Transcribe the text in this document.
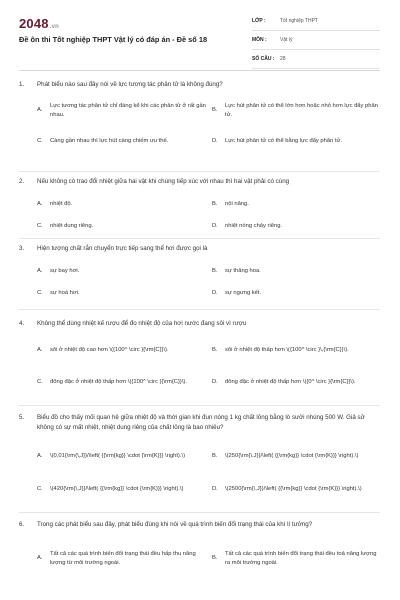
2048.vn
Đề ôn thi Tốt nghiệp THPT Vật lý có đáp án - Đề số 18
LỚP :	Tốt nghiệp THPT
MÔN :	Vật lý
SỐ CÂU :	28
1.	Phát biểu nào sau đây nói về lực tương tác phân tử là không đúng?
A.
Lực tương tác phân tử chỉ đáng kể khi các phân tử ở rất gần nhau.
B.
Lực hút phân tử có thể lớn hơn hoặc nhỏ hơn lực đẩy phân tử.
C.	Càng gần nhau thì lực hút càng chiếm ưu thế.	D.	Lực hút phân tử có thể bằng lực đẩy phân tử.
2.	Nếu không có trao đổi nhiệt giữa hai vật khi chúng tiếp xúc với nhau thì hai vật phải có cùng
A.	nhiệt độ.	B.	nội năng.
C.	nhiệt dung riêng.	D.	nhiệt nóng chảy riêng.
3.	Hiện tượng chất rắn chuyển trực tiếp sang thể hơi được gọi là
A.	sự bay hơi.	B.	sự thăng hoa.
C.	sự hoá hơi.	D.	sự ngưng kết.
4.	Không thể dùng nhiệt kế rượu để đo nhiệt độ của hơi nước đang sôi vì rượu
A.	sôi ở nhiệt độ cao hơn \({100^ \circ }{\rm{C}}\).	B.	sôi ở nhiệt độ thấp hơn \({100^ \circ }\,{\rm{C}}\).
C.	đông đặc ở nhiệt độ thấp hơn \({100^ \circ }{\rm{C}}\).	D.	đông đặc ở nhiệt độ thấp hơn \({0^ \circ }{\rm{C}}\).
5.	Biểu đồ cho thấy mối quan hệ giữa nhiệt độ và thời gian khi đun nóng 1 kg chất lỏng bằng lò sưởi nhúng 500 W. Giả sử không có sự mất nhiệt, nhiệt dung riêng của chất lỏng là bao nhiêu?
A.	\(0,01{\rm{\,J}}/\left( {{\rm{kg}} \cdot {\rm{K}}} \right).\)	B.	\(250{\rm{\,J}}/\left( {{\rm{kg}} \cdot {\rm{K}}} \right).\)
C.	\(420{\rm{\,J}}/\left( {{\rm{kg}} \cdot {\rm{K}}} \right).\)	D.	\(2500{\rm{\,J}}/\left( {{\rm{kg}} \cdot {\rm{K}}} \right).\)
6.	Trong các phát biểu sau đây, phát biểu đúng khi nói về quá trình biến đổi trạng thái của khí lí tưởng?
A.
Tất cả các quá trình biến đổi trạng thái đều hấp thu năng lượng từ môi trường ngoài.
B.
Tất cả các quá trình biến đổi trạng thái đều toả năng lượng ra môi trường ngoài.
